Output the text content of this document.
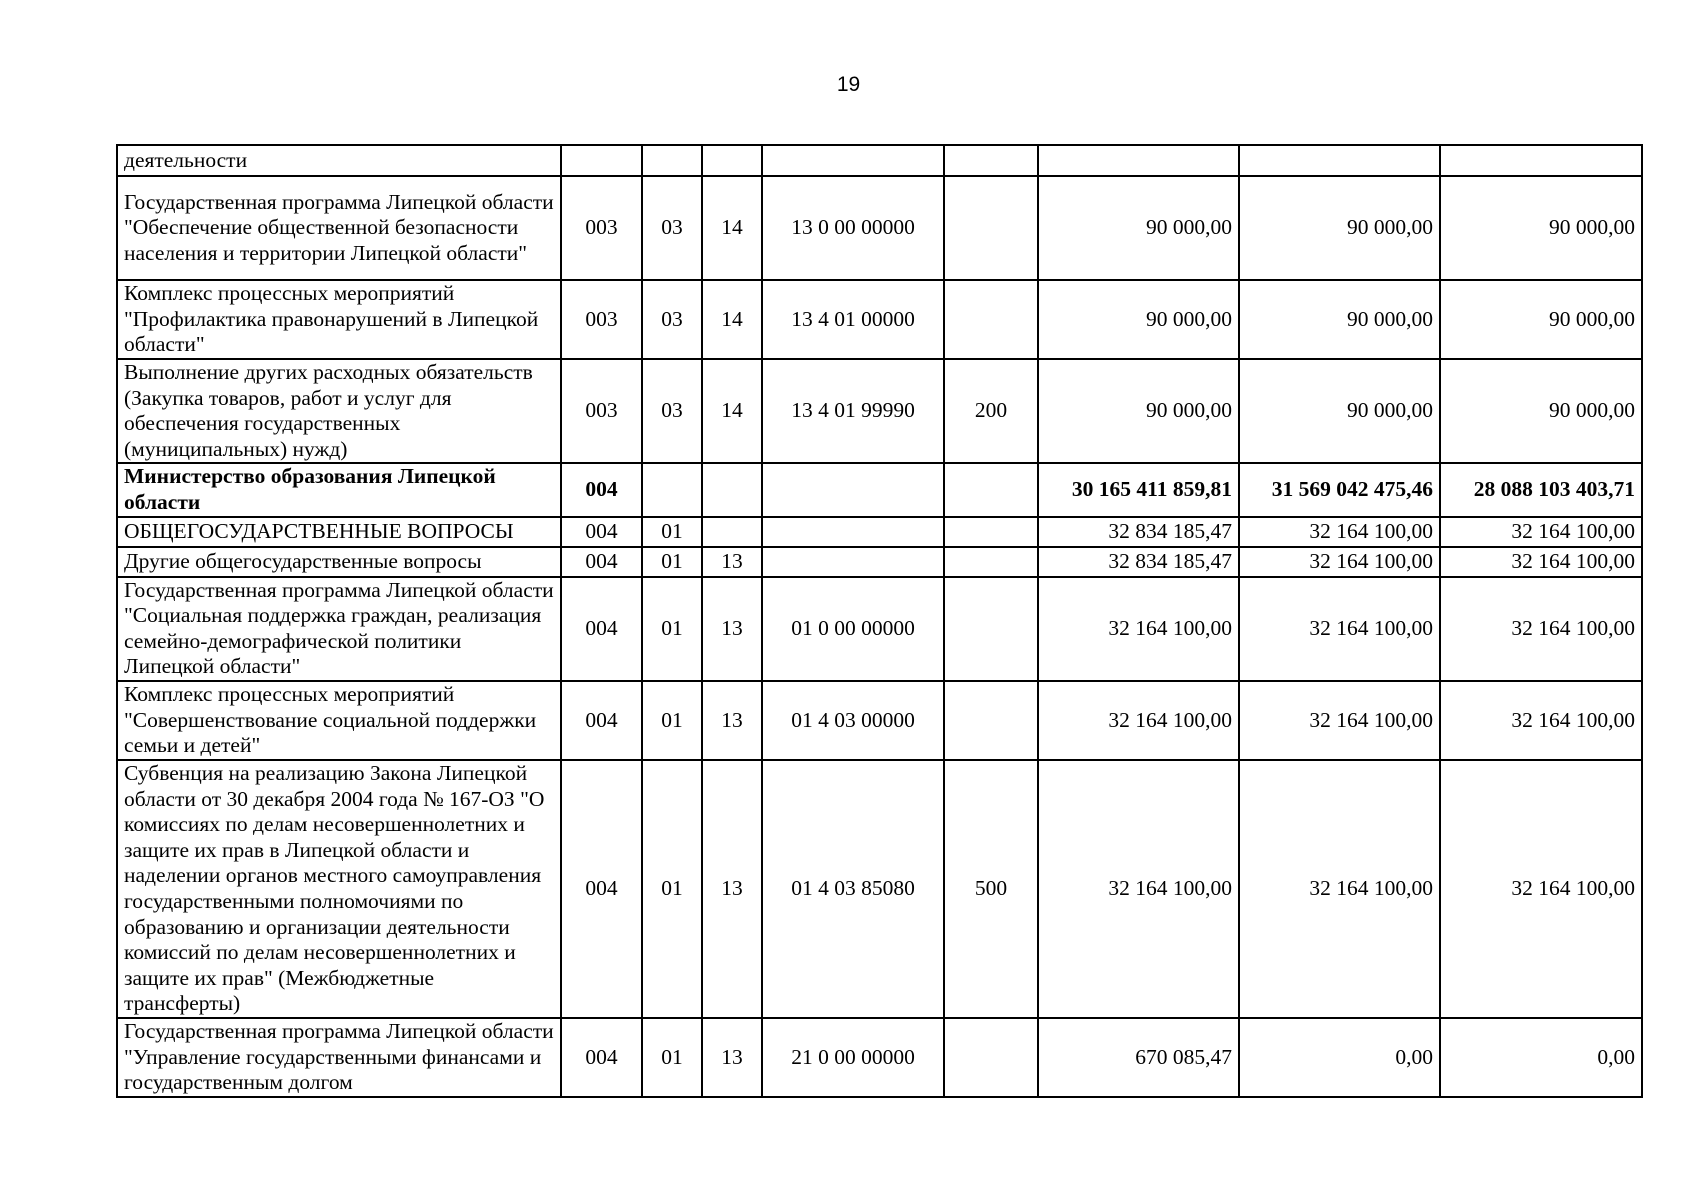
19
деятельности								
Государственная программа Липецкой области "Обеспечение общественной безопасности населения и территории Липецкой области"	003	03	14	13 0 00 00000		90 000,00	90 000,00	90 000,00
Комплекс процессных мероприятий "Профилактика правонарушений в Липецкой области"	003	03	14	13 4 01 00000		90 000,00	90 000,00	90 000,00
Выполнение других расходных обязательств (Закупка товаров, работ и услуг для обеспечения государственных (муниципальных) нужд)	003	03	14	13 4 01 99990	200	90 000,00	90 000,00	90 000,00
Министерство образования Липецкой области	004					30 165 411 859,81	31 569 042 475,46	28 088 103 403,71
ОБЩЕГОСУДАРСТВЕННЫЕ ВОПРОСЫ	004	01				32 834 185,47	32 164 100,00	32 164 100,00
Другие общегосударственные вопросы	004	01	13			32 834 185,47	32 164 100,00	32 164 100,00
Государственная программа Липецкой области "Социальная поддержка граждан, реализация семейно-демографической политики Липецкой области"	004	01	13	01 0 00 00000		32 164 100,00	32 164 100,00	32 164 100,00
Комплекс процессных мероприятий "Совершенствование социальной поддержки семьи и детей"	004	01	13	01 4 03 00000		32 164 100,00	32 164 100,00	32 164 100,00
Субвенция на реализацию Закона Липецкой области от 30 декабря 2004 года № 167-ОЗ "О комиссиях по делам несовершеннолетних и защите их прав в Липецкой области и наделении органов местного самоуправления государственными полномочиями по образованию и организации деятельности комиссий по делам несовершеннолетних и защите их прав" (Межбюджетные трансферты)	004	01	13	01 4 03 85080	500	32 164 100,00	32 164 100,00	32 164 100,00
Государственная программа Липецкой области "Управление государственными финансами и государственным долгом	004	01	13	21 0 00 00000		670 085,47	0,00	0,00
